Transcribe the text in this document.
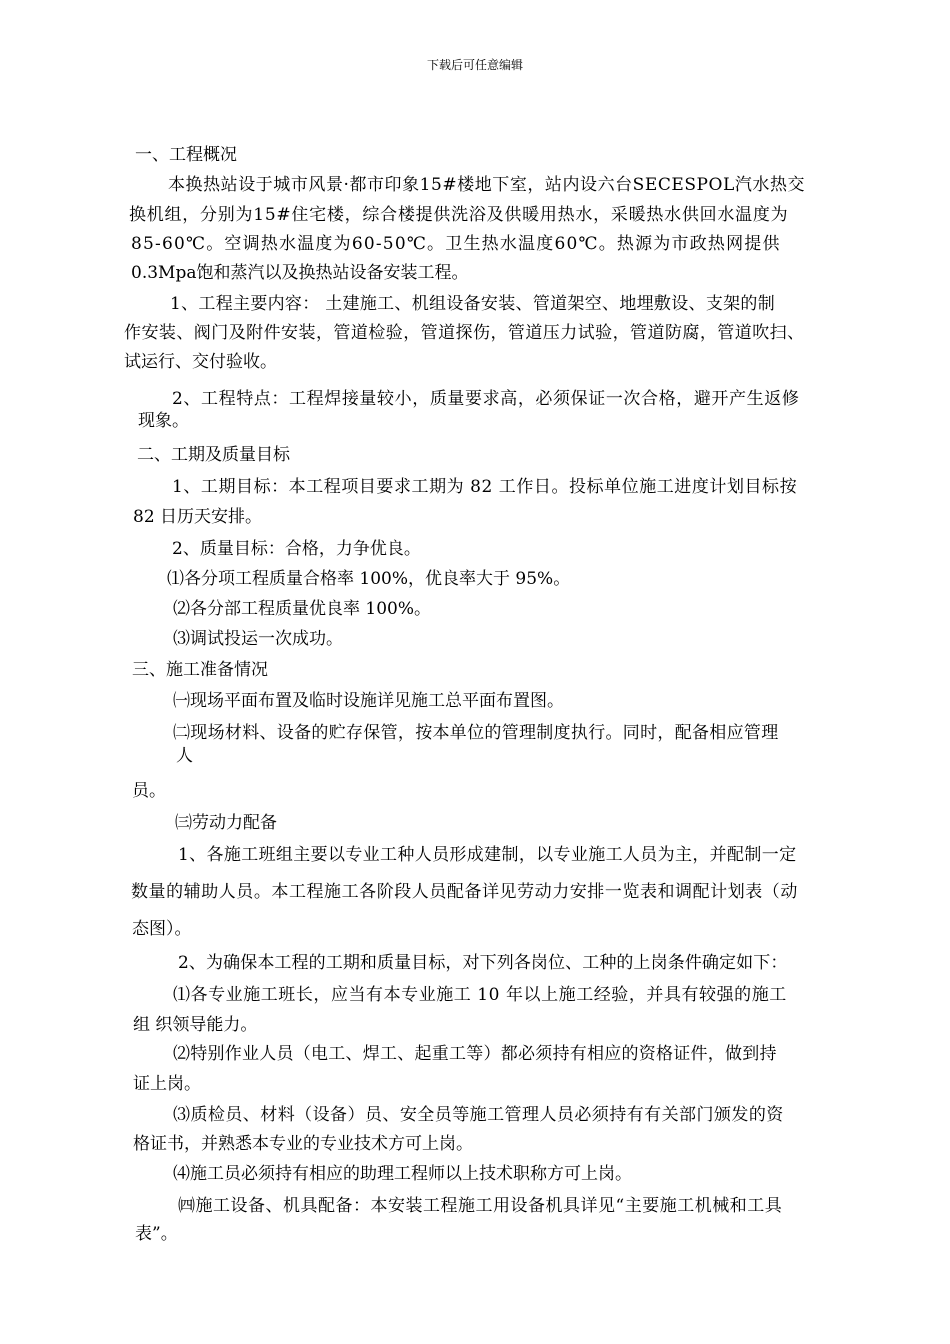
下载后可任意编辑
一、工程概况
本换热站设于城市风景·都市印象15#楼地下室，站内设六台SECESPOL汽水热交
换机组，分别为15#住宅楼，综合楼提供洗浴及供暖用热水，采暖热水供回水温度为
85-60℃。空调热水温度为60-50℃。卫生热水温度60℃。热源为市政热网提供
0.3Mpa饱和蒸汽以及换热站设备安装工程。
1、工程主要内容： 土建施工、机组设备安装、管道架空、地埋敷设、支架的制
作安装、阀门及附件安装，管道检验，管道探伤，管道压力试验，管道防腐，管道吹扫、
试运行、交付验收。
2、工程特点：工程焊接量较小，质量要求高，必须保证一次合格，避开产生返修
现象。
二、工期及质量目标
1、工期目标：本工程项目要求工期为 82 工作日。投标单位施工进度计划目标按
82 日历天安排。
2、质量目标：合格，力争优良。
⑴各分项工程质量合格率 100%，优良率大于 95%。
⑵各分部工程质量优良率 100%。
⑶调试投运一次成功。
三、施工准备情况
㈠现场平面布置及临时设施详见施工总平面布置图。
㈡现场材料、设备的贮存保管，按本单位的管理制度执行。同时，配备相应管理
人
员。
㈢劳动力配备
1、各施工班组主要以专业工种人员形成建制，以专业施工人员为主，并配制一定
数量的辅助人员。本工程施工各阶段人员配备详见劳动力安排一览表和调配计划表（动
态图）。
2、为确保本工程的工期和质量目标，对下列各岗位、工种的上岗条件确定如下：
⑴各专业施工班长，应当有本专业施工 10 年以上施工经验，并具有较强的施工
组 织领导能力。
⑵特别作业人员（电工、焊工、起重工等）都必须持有相应的资格证件，做到持
证上岗。
⑶质检员、材料（设备）员、安全员等施工管理人员必须持有有关部门颁发的资
格证书，并熟悉本专业的专业技术方可上岗。
⑷施工员必须持有相应的助理工程师以上技术职称方可上岗。
㈣施工设备、机具配备：本安装工程施工用设备机具详见“主要施工机械和工具
表”。
